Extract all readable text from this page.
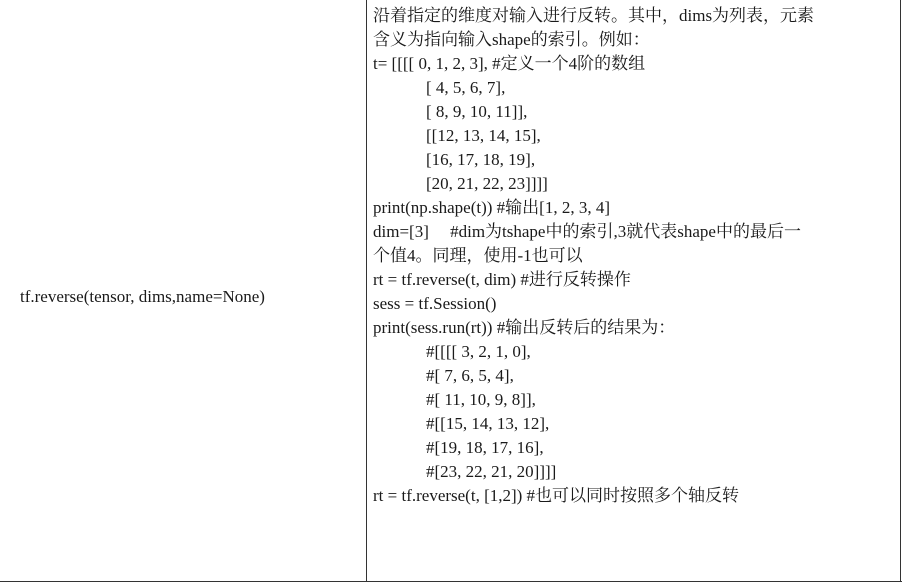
tf.reverse(tensor, dims,name=None)
沿着指定的维度对输入进行反转。其中，dims为列表，元素
含义为指向输入shape的索引。例如：
t= [[[[ 0, 1, 2, 3], #定义一个4阶的数组
[ 4, 5, 6, 7],
[ 8, 9, 10, 11]],
[[12, 13, 14, 15],
[16, 17, 18, 19],
[20, 21, 22, 23]]]]
print(np.shape(t)) #输出[1, 2, 3, 4]
dim=[3]     #dim为tshape中的索引,3就代表shape中的最后一
个值4。同理，使用-1也可以
rt = tf.reverse(t, dim) #进行反转操作
sess = tf.Session()
print(sess.run(rt)) #输出反转后的结果为：
#[[[[ 3, 2, 1, 0],
#[ 7, 6, 5, 4],
#[ 11, 10, 9, 8]],
#[[15, 14, 13, 12],
#[19, 18, 17, 16],
#[23, 22, 21, 20]]]]
rt = tf.reverse(t, [1,2]) #也可以同时按照多个轴反转
